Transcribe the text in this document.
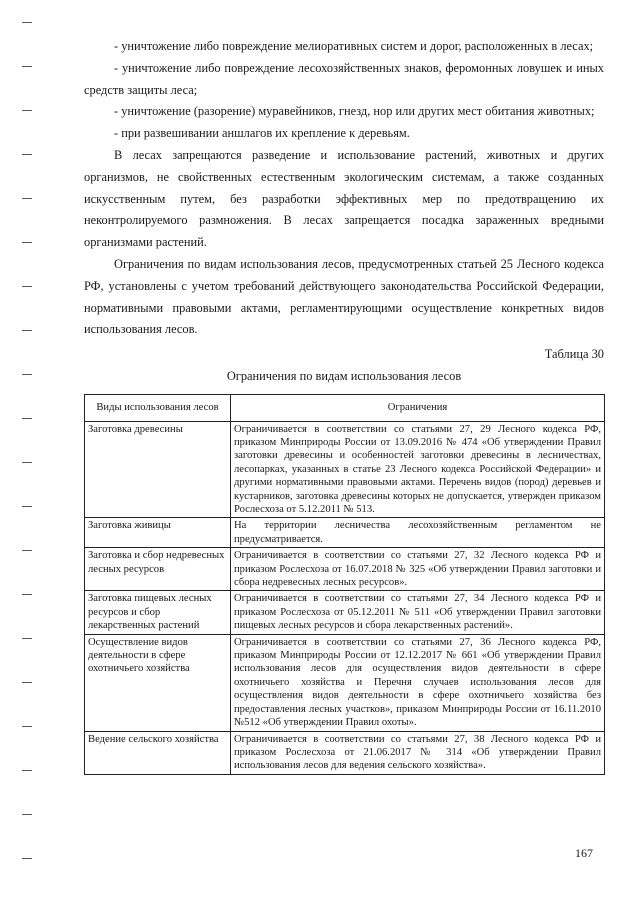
- уничтожение либо повреждение мелиоративных систем и дорог, расположенных в лесах;

- уничтожение либо повреждение лесохозяйственных знаков, феромонных ловушек и иных средств защиты леса;

- уничтожение (разорение) муравейников, гнезд, нор или других мест обитания животных;

- при развешивании аншлагов их крепление к деревьям.

В лесах запрещаются разведение и использование растений, животных и других организмов, не свойственных естественным экологическим системам, а также созданных искусственным путем, без разработки эффективных мер по предотвращению их неконтролируемого размножения. В лесах запрещается посадка зараженных вредными организмами растений.

Ограничения по видам использования лесов, предусмотренных статьей 25 Лесного кодекса РФ, установлены с учетом требований действующего законодательства Российской Федерации, нормативными правовыми актами, регламентирующими осуществление конкретных видов использования лесов.

Таблица 30
Ограничения по видам использования лесов
Виды использования лесов	Ограничения
Заготовка древесины	Ограничивается в соответствии со статьями 27, 29 Лесного кодекса РФ, приказом Минприроды России от 13.09.2016 № 474 «Об утверждении Правил заготовки древесины и особенностей заготовки древесины в лесничествах, лесопарках, указанных в статье 23 Лесного кодекса Российской Федерации» и другими нормативными правовыми актами. Перечень видов (пород) деревьев и кустарников, заготовка древесины которых не допускается, утвержден приказом Рослесхоза от 5.12.2011 № 513.
Заготовка живицы	На территории лесничества лесохозяйственным регламентом не предусматривается.
Заготовка и сбор недревесных лесных ресурсов	Ограничивается в соответствии со статьями 27, 32 Лесного кодекса РФ и приказом Рослесхоза от 16.07.2018 № 325 «Об утверждении Правил заготовки и сбора недревесных лесных ресурсов».
Заготовка пищевых лесных ресурсов и сбор лекарственных растений	Ограничивается в соответствии со статьями 27, 34 Лесного кодекса РФ и приказом Рослесхоза от 05.12.2011 № 511 «Об утверждении Правил заготовки пищевых лесных ресурсов и сбора лекарственных растений».
Осуществление видов деятельности в сфере охотничьего хозяйства	Ограничивается в соответствии со статьями 27, 36 Лесного кодекса РФ, приказом Минприроды России от 12.12.2017 № 661 «Об утверждении Правил использования лесов для осуществления видов деятельности в сфере охотничьего хозяйства и Перечня случаев использования лесов для осуществления видов деятельности в сфере охотничьего хозяйства без предоставления лесных участков», приказом Минприроды России от 16.11.2010 №512 «Об утверждении Правил охоты».
Ведение сельского хозяйства	Ограничивается в соответствии со статьями 27, 38 Лесного кодекса РФ и приказом Рослесхоза от 21.06.2017 № 314 «Об утверждении Правил использования лесов для ведения сельского хозяйства».
167
